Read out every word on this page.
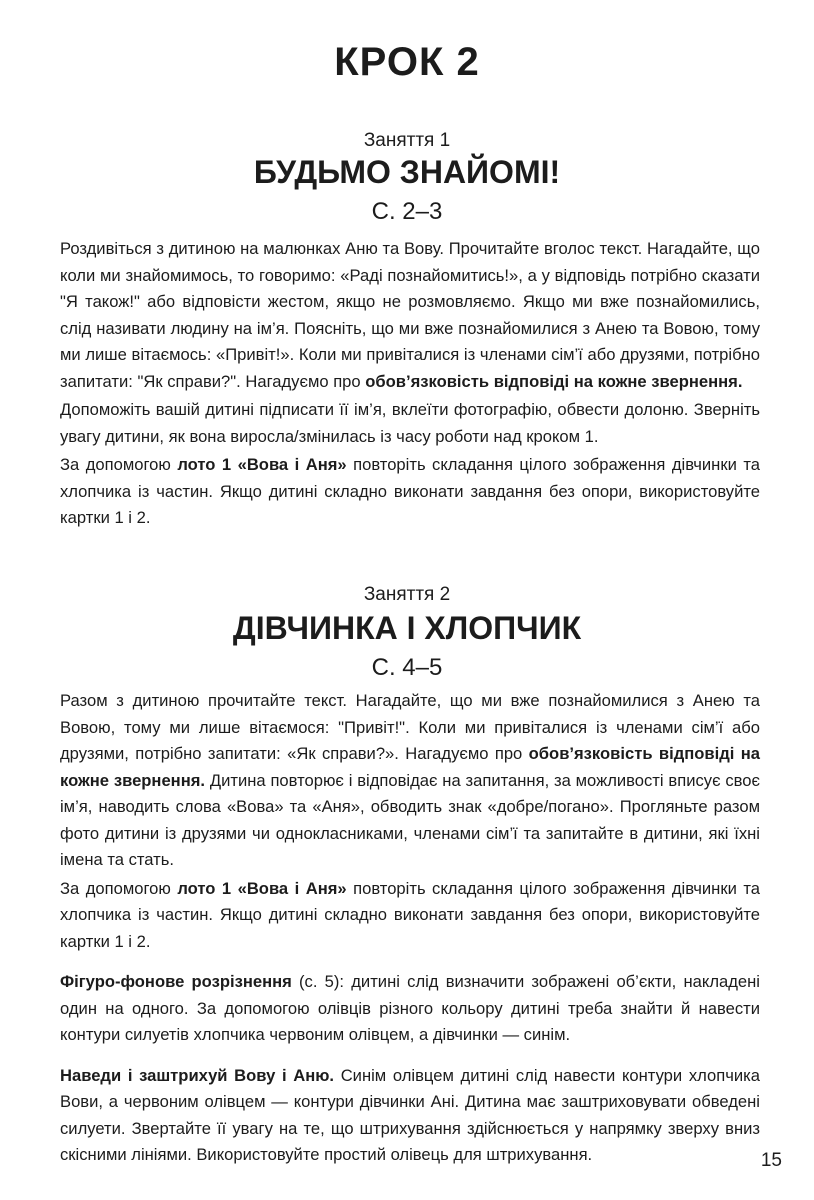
КРОК 2

Заняття 1

БУДЬМО ЗНАЙОМІ!

С. 2–3

Роздивіться з дитиною на малюнках Аню та Вову. Прочитайте вголос текст. Нагадайте, що коли ми знайомимось, то говоримо: «Раді познайомитись!», а у відповідь потрібно сказати "Я також!" або відповісти жестом, якщо не розмовляємо. Якщо ми вже познайомились, слід називати людину на ім’я. Поясніть, що ми вже познайомилися з Анею та Вовою, тому ми лише вітаємось: «Привіт!». Коли ми привіталися із членами сім’ї або друзями, потрібно запитати: "Як справи?". Нагадуємо про обов’язковість відповіді на кожне звернення.

Допоможіть вашій дитині підписати її ім’я, вклеїти фотографію, обвести долоню. Зверніть увагу дитини, як вона виросла/змінилась із часу роботи над кроком 1.

За допомогою лото 1 «Вова і Аня» повторіть складання цілого зображення дівчинки та хлопчика із частин. Якщо дитині складно виконати завдання без опори, використовуйте картки 1 і 2.

Заняття 2

ДІВЧИНКА І ХЛОПЧИК

С. 4–5

Разом з дитиною прочитайте текст. Нагадайте, що ми вже познайомилися з Анею та Вовою, тому ми лише вітаємося: "Привіт!". Коли ми привіталися із членами сім’ї або друзями, потрібно запитати: «Як справи?». Нагадуємо про обов’язковість відповіді на кожне звернення. Дитина повторює і відповідає на запитання, за можливості вписує своє ім’я, наводить слова «Вова» та «Аня», обводить знак «добре/погано». Прогляньте разом фото дитини із друзями чи однокласниками, членами сім’ї та запитайте в дитини, які їхні імена та стать.

За допомогою лото 1 «Вова і Аня» повторіть складання цілого зображення дівчинки та хлопчика із частин. Якщо дитині складно виконати завдання без опори, використовуйте картки 1 і 2.

Фігуро-фонове розрізнення (с. 5): дитині слід визначити зображені об’єкти, накладені один на одного. За допомогою олівців різного кольору дитині треба знайти й навести контури силуетів хлопчика червоним олівцем, а дівчинки — синім.

Наведи і заштрихуй Вову і Аню. Синім олівцем дитині слід навести контури хлопчика Вови, а червоним олівцем — контури дівчинки Ані. Дитина має заштриховувати обведені силуети. Звертайте її увагу на те, що штрихування здійснюється у напрямку зверху вниз скісними лініями. Використовуйте простий олівець для штрихування.	15
